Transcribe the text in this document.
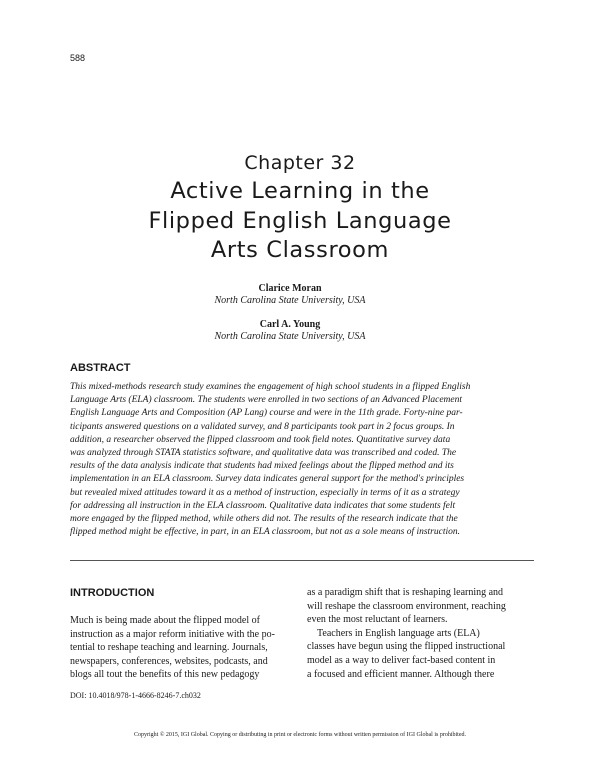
588
Chapter 32
Active Learning in the
Flipped English Language
Arts Classroom
Clarice Moran
North Carolina State University, USA
Carl A. Young
North Carolina State University, USA
ABSTRACT
This mixed-methods research study examines the engagement of high school students in a flipped English
Language Arts (ELA) classroom. The students were enrolled in two sections of an Advanced Placement
English Language Arts and Composition (AP Lang) course and were in the 11th grade. Forty-nine par-
ticipants answered questions on a validated survey, and 8 participants took part in 2 focus groups. In
addition, a researcher observed the flipped classroom and took field notes. Quantitative survey data
was analyzed through STATA statistics software, and qualitative data was transcribed and coded. The
results of the data analysis indicate that students had mixed feelings about the flipped method and its
implementation in an ELA classroom. Survey data indicates general support for the method's principles
but revealed mixed attitudes toward it as a method of instruction, especially in terms of it as a strategy
for addressing all instruction in the ELA classroom. Qualitative data indicates that some students felt
more engaged by the flipped method, while others did not. The results of the research indicate that the
flipped method might be effective, in part, in an ELA classroom, but not as a sole means of instruction.
INTRODUCTION
Much is being made about the flipped model of
instruction as a major reform initiative with the po-
tential to reshape teaching and learning. Journals,
newspapers, conferences, websites, podcasts, and
blogs all tout the benefits of this new pedagogy
as a paradigm shift that is reshaping learning and
will reshape the classroom environment, reaching
even the most reluctant of learners.
Teachers in English language arts (ELA)
classes have begun using the flipped instructional
model as a way to deliver fact-based content in
a focused and efficient manner. Although there
DOI: 10.4018/978-1-4666-8246-7.ch032
Copyright © 2015, IGI Global. Copying or distributing in print or electronic forms without written permission of IGI Global is prohibited.
